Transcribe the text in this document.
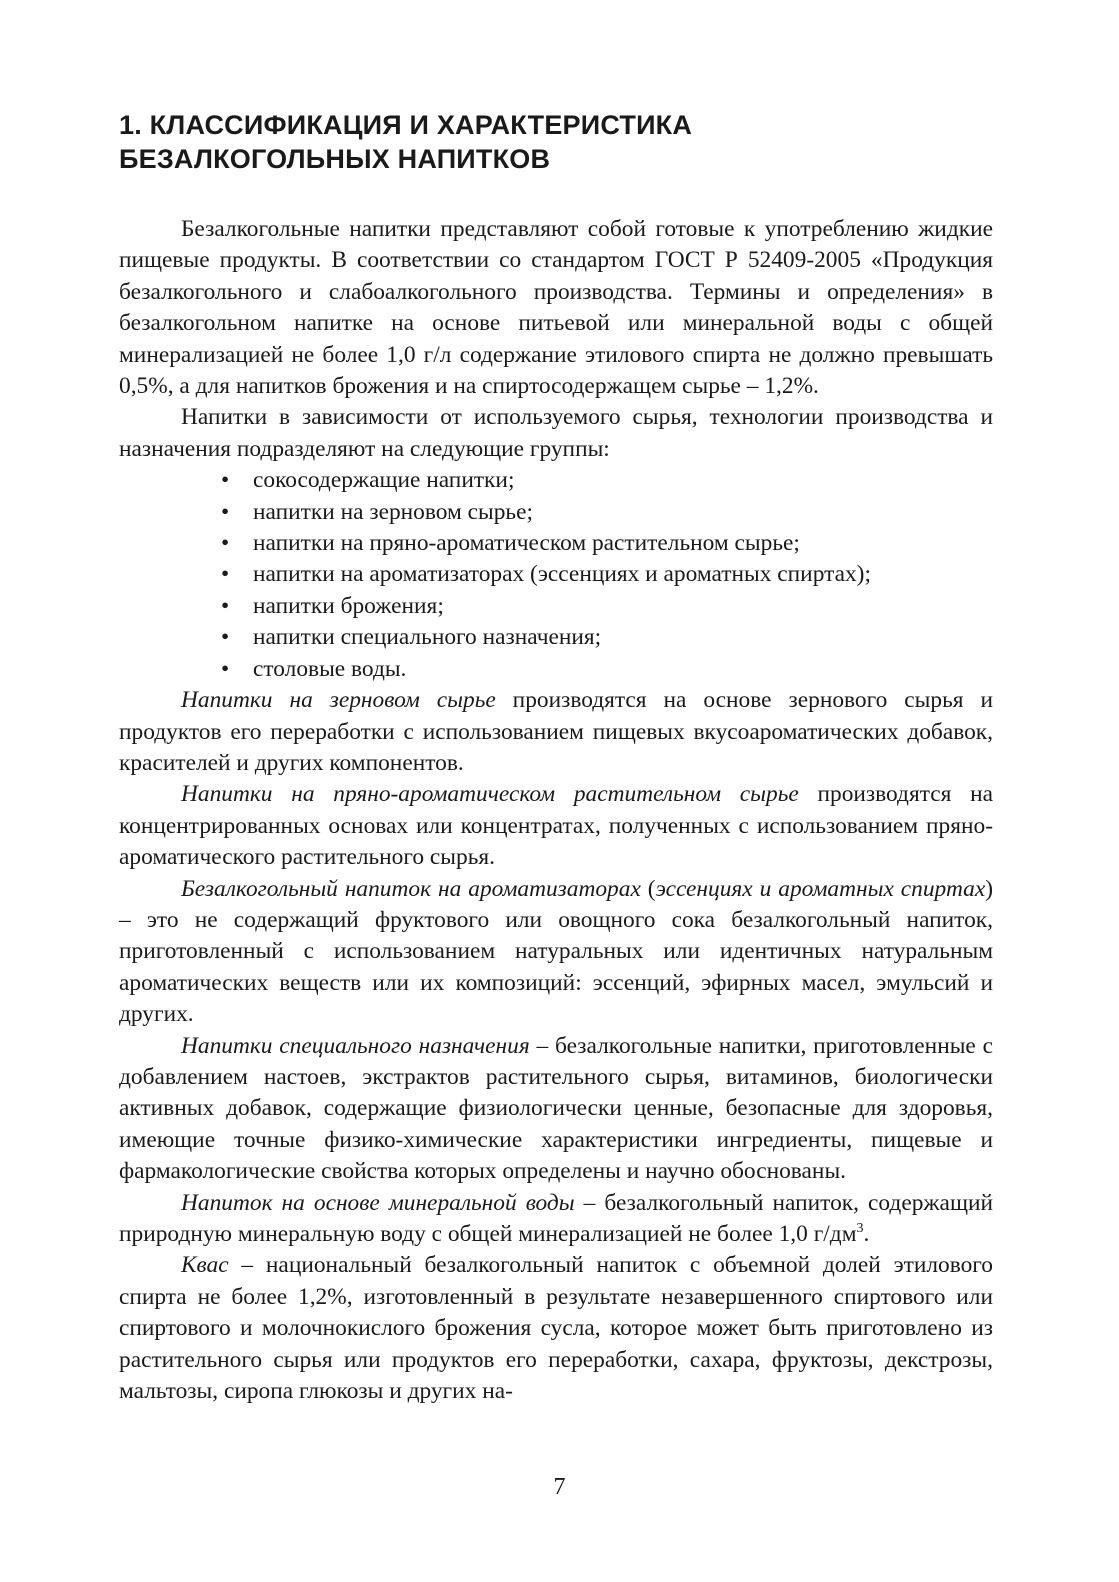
1. КЛАССИФИКАЦИЯ И ХАРАКТЕРИСТИКА
БЕЗАЛКОГОЛЬНЫХ НАПИТКОВ

Безалкогольные напитки представляют собой готовые к употреблению жидкие пищевые продукты. В соответствии со стандартом ГОСТ Р 52409-2005 «Продукция безалкогольного и слабоалкогольного производства. Термины и определения» в безалкогольном напитке на основе питьевой или минеральной воды с общей минерализацией не более 1,0 г/л содержание этилового спирта не должно превышать 0,5%, а для напитков брожения и на спиртосодержащем сырье – 1,2%.

Напитки в зависимости от используемого сырья, технологии производства и назначения подразделяют на следующие группы:

• сокосодержащие напитки;
• напитки на зерновом сырье;
• напитки на пряно-ароматическом растительном сырье;
• напитки на ароматизаторах (эссенциях и ароматных спиртах);
• напитки брожения;
• напитки специального назначения;
• столовые воды.

Напитки на зерновом сырье производятся на основе зернового сырья и продуктов его переработки с использованием пищевых вкусоароматических добавок, красителей и других компонентов.

Напитки на пряно-ароматическом растительном сырье производятся на концентрированных основах или концентратах, полученных с использованием пряно-ароматического растительного сырья.

Безалкогольный напиток на ароматизаторах (эссенциях и ароматных спиртах) – это не содержащий фруктового или овощного сока безалкогольный напиток, приготовленный с использованием натуральных или идентичных натуральным ароматических веществ или их композиций: эссенций, эфирных масел, эмульсий и других.

Напитки специального назначения – безалкогольные напитки, приготовленные с добавлением настоев, экстрактов растительного сырья, витаминов, биологически активных добавок, содержащие физиологически ценные, безопасные для здоровья, имеющие точные физико-химические характеристики ингредиенты, пищевые и фармакологические свойства которых определены и научно обоснованы.

Напиток на основе минеральной воды – безалкогольный напиток, содержащий природную минеральную воду с общей минерализацией не более 1,0 $г/дм^3$.

Квас – национальный безалкогольный напиток с объемной долей этилового спирта не более 1,2%, изготовленный в результате незавершенного спиртового или спиртового и молочнокислого брожения сусла, которое может быть приготовлено из растительного сырья или продуктов его переработки, сахара, фруктозы, декстрозы, мальтозы, сиропа глюкозы и других на-

7
